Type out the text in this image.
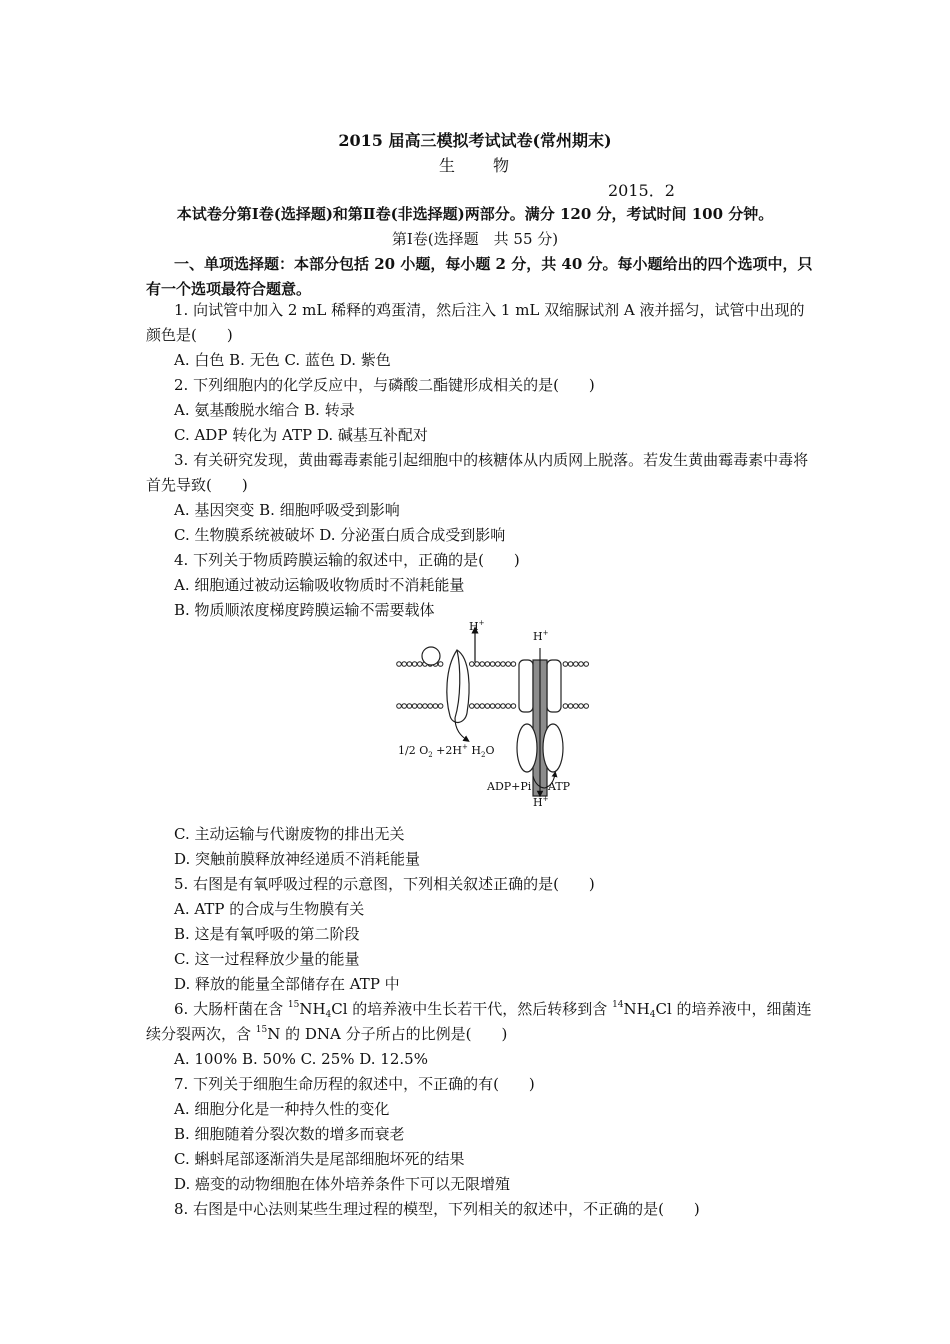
2015 届高三模拟考试试卷(常州期末)
生　　物
2015．2
本试卷分第Ⅰ卷(选择题)和第Ⅱ卷(非选择题)两部分。满分 120 分，考试时间 100 分钟。
第Ⅰ卷(选择题　共 55 分)
一、单项选择题：本部分包括 20 小题，每小题 2 分，共 40 分。每小题给出的四个选项中，只有一个选项最符合题意。
1. 向试管中加入 2 mL 稀释的鸡蛋清，然后注入 1 mL 双缩脲试剂 A 液并摇匀，试管中出现的颜色是(　　)
A. 白色 B. 无色 C. 蓝色 D. 紫色
2. 下列细胞内的化学反应中，与磷酸二酯键形成相关的是(　　)
A. 氨基酸脱水缩合 B. 转录
C. ADP 转化为 ATP D. 碱基互补配对
3. 有关研究发现，黄曲霉毒素能引起细胞中的核糖体从内质网上脱落。若发生黄曲霉毒素中毒将首先导致(　　)
A. 基因突变 B. 细胞呼吸受到影响
C. 生物膜系统被破坏 D. 分泌蛋白质合成受到影响
4. 下列关于物质跨膜运输的叙述中，正确的是(　　)
A. 细胞通过被动运输吸收物质时不消耗能量
B. 物质顺浓度梯度跨膜运输不需要载体
H+
1/2 $O_2 +2H^+$ $H_2O$
H+
ADP+Pi ATP
H+
C. 主动运输与代谢废物的排出无关
D. 突触前膜释放神经递质不消耗能量
5. 右图是有氧呼吸过程的示意图，下列相关叙述正确的是(　　)
A. ATP 的合成与生物膜有关
B. 这是有氧呼吸的第二阶段
C. 这一过程释放少量的能量
D. 释放的能量全部储存在 ATP 中
6. 大肠杆菌在含 $^{15}NH_4Cl$ 的培养液中生长若干代，然后转移到含 $^{14}NH_4Cl$ 的培养液中，细菌连续分裂两次，含 $^{15}$N 的 DNA 分子所占的比例是(　　)
A. 100% B. 50% C. 25% D. 12.5%
7. 下列关于细胞生命历程的叙述中，不正确的有(　　)
A. 细胞分化是一种持久性的变化
B. 细胞随着分裂次数的增多而衰老
C. 蝌蚪尾部逐渐消失是尾部细胞坏死的结果
D. 癌变的动物细胞在体外培养条件下可以无限增殖
8. 右图是中心法则某些生理过程的模型，下列相关的叙述中，不正确的是(　　)
